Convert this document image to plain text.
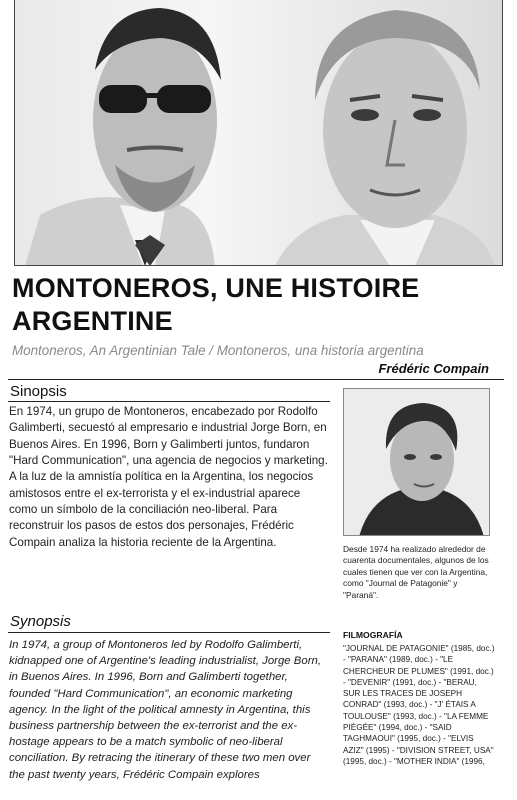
MONTONEROS, UNE HISTOIRE
ARGENTINE
Montoneros, An Argentinian Tale / Montoneros, una historia argentina
Frédéric Compain
Sinopsis
En 1974, un grupo de Montoneros, encabezado por Rodolfo Galimberti, secuestó al empresario e industrial Jorge Born, en Buenos Aires. En 1996, Born y Galimberti juntos, fundaron "Hard Communication", una agencia de negocios y marketing. A la luz de la amnistía política en la Argentina, los negocios amistosos entre el ex-terrorista y el ex-industrial aparece como un símbolo de la conciliación neo-liberal. Para reconstruir los pasos de estos dos personajes, Frédéric Compain analiza la historia reciente de la Argentina.
Synopsis
In 1974, a group of Montoneros led by Rodolfo Galimberti, kidnapped one of Argentine's leading industrialist, Jorge Born, in Buenos Aires. In 1996, Born and Galimberti together, founded "Hard Communication", an economic marketing agency. In the light of the political amnesty in Argentina, this business partnership between the ex-terrorist and the ex-hostage appears to be a match symbolic of neo-liberal conciliation. By retracing the itinerary of these two men over the past twenty years, Frédéric Compain explores
Desde 1974 ha realizado alrededor de cuarenta documentales, algunos de los cuales tienen que ver con la Argentina, como "Journal de Patagonie" y "Paraná".
FILMOGRAFÍA
"JOURNAL DE PATAGONIE" (1985, doc.) - "PARANA" (1989, doc.) - "LE CHERCHEUR DE PLUMES" (1991, doc.) - "DEVENIR" (1991, doc.) - "BERAU, SUR LES TRACES DE JOSEPH CONRAD" (1993, doc.) - "J' ÉTAIS A TOULOUSE" (1993, doc.) - "LA FEMME PIÉGÉE" (1994, doc.) - "SAID TAGHMAOUI" (1995, doc.) - "ELVIS AZIZ" (1995) - "DIVISION STREET, USA" (1995, doc.) - "MOTHER INDIA" (1996,
